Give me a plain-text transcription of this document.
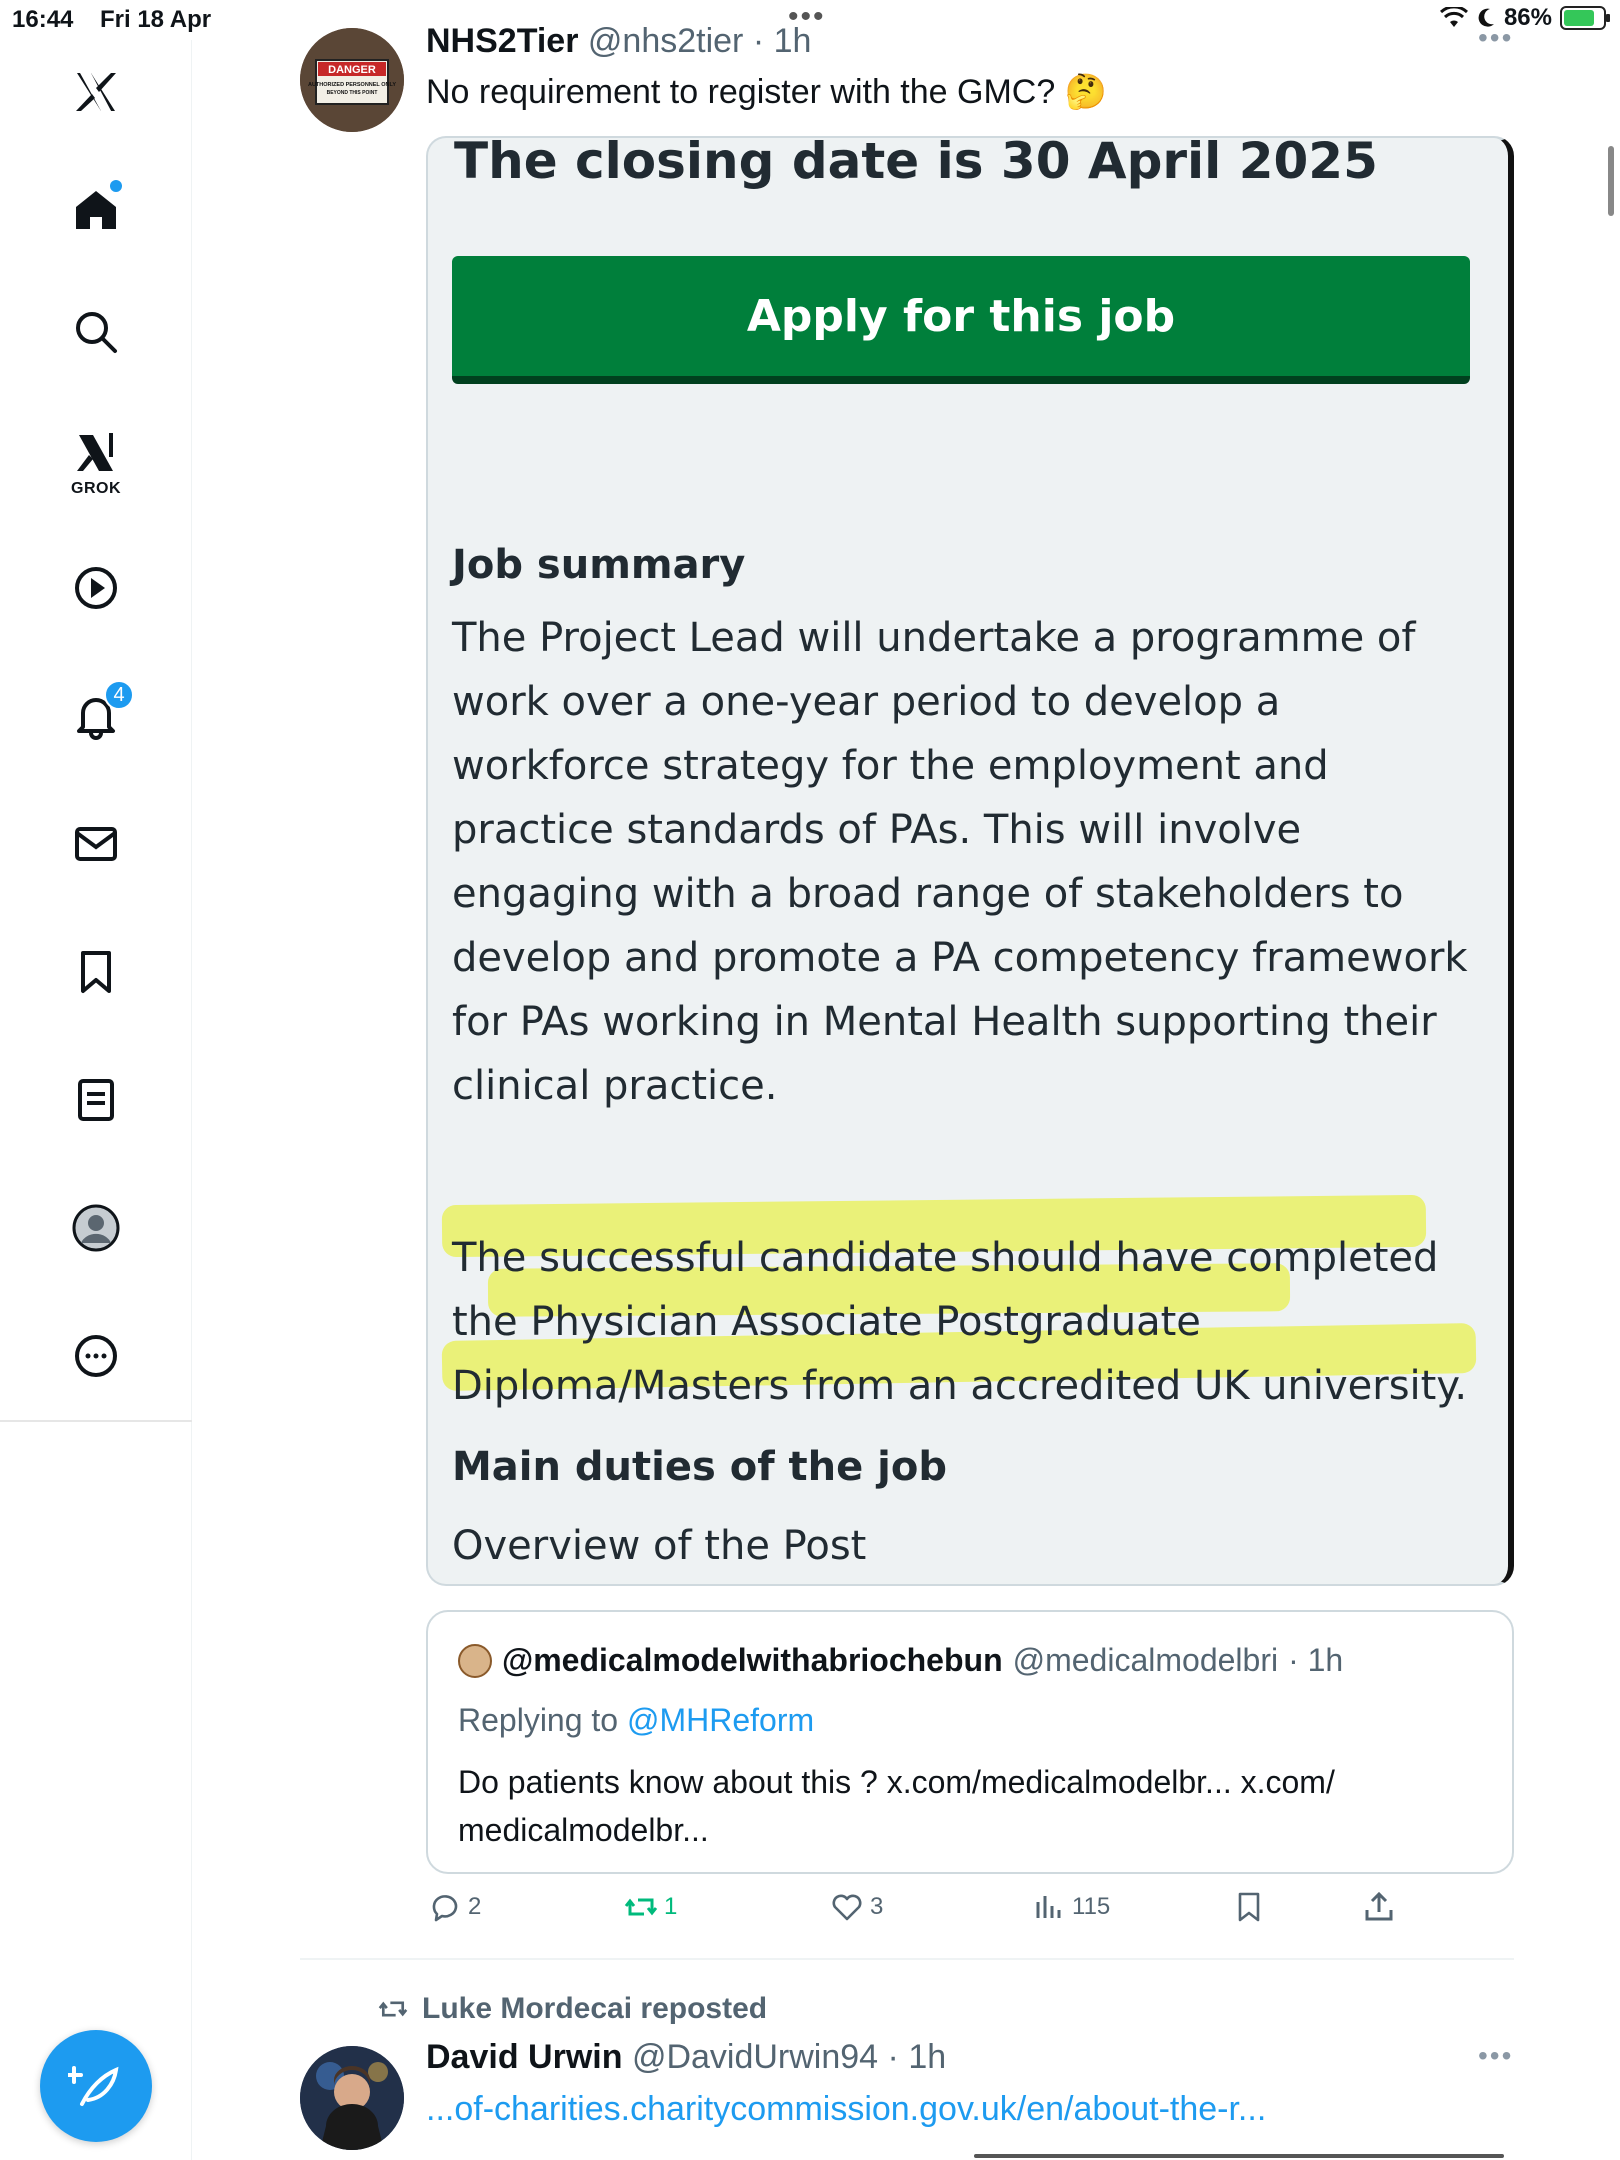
16:44 Fri 18 Apr	•••	86%
GROK
4
DANGER
AUTHORIZED PERSONNEL ONLY
BEYOND THIS POINT
NHS2Tier @nhs2tier · 1h	•••
No requirement to register with the GMC? 🤔
The closing date is 30 April 2025
Apply for this job
Job summary
The Project Lead will undertake a programme of
work over a one-year period to develop a
workforce strategy for the employment and
practice standards of PAs. This will involve
engaging with a broad range of stakeholders to
develop and promote a PA competency framework
for PAs working in Mental Health supporting their
clinical practice.
The successful candidate should have completed
the Physician Associate Postgraduate
Diploma/Masters from an accredited UK university.
Main duties of the job
Overview of the Post
@medicalmodelwithabriochebun @medicalmodelbri · 1h
Replying to @MHReform
Do patients know about this ? x.com/medicalmodelbr... x.com/ medicalmodelbr...
2	1	3	115
Luke Mordecai reposted
David Urwin @DavidUrwin94 · 1h	•••
...of-charities.charitycommission.gov.uk/en/about-the-r...
